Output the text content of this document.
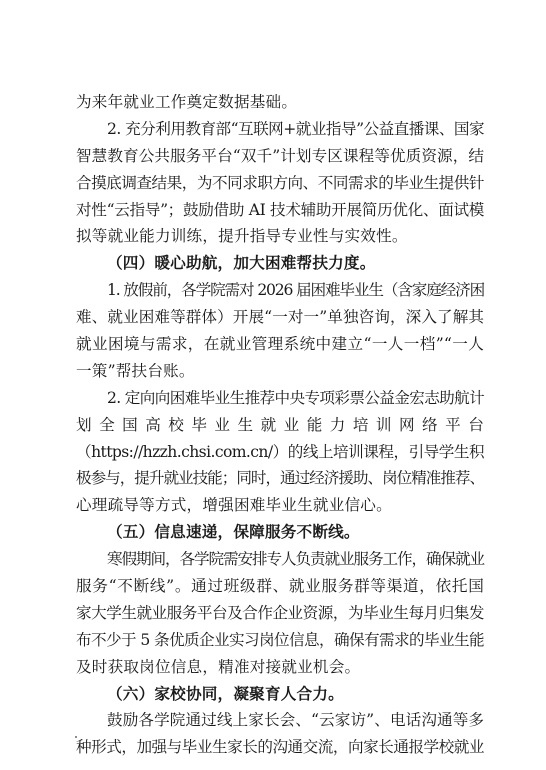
为来年就业工作奠定数据基础。
2. 充分利用教育部“互联网+就业指导”公益直播课、国家
智慧教育公共服务平台“双千”计划专区课程等优质资源，结
合摸底调查结果，为不同求职方向、不同需求的毕业生提供针
对性“云指导”；鼓励借助 AI 技术辅助开展简历优化、面试模
拟等就业能力训练，提升指导专业性与实效性。
（四）暖心助航，加大困难帮扶力度。
1. 放假前，各学院需对 2026 届困难毕业生（含家庭经济困
难、就业困难等群体）开展“一对一”单独咨询，深入了解其
就业困境与需求，在就业管理系统中建立“一人一档”“一人
一策”帮扶台账。
2. 定向向困难毕业生推荐中央专项彩票公益金宏志助航计
划全国高校毕业生就业能力培训网络平台
（https://hzzh.chsi.com.cn/）的线上培训课程，引导学生积
极参与，提升就业技能；同时，通过经济援助、岗位精准推荐、
心理疏导等方式，增强困难毕业生就业信心。
（五）信息速递，保障服务不断线。
寒假期间，各学院需安排专人负责就业服务工作，确保就业
服务“不断线”。通过班级群、就业服务群等渠道，依托国
家大学生就业服务平台及合作企业资源，为毕业生每月归集发
布不少于 5 条优质企业实习岗位信息，确保有需求的毕业生能
及时获取岗位信息，精准对接就业机会。
（六）家校协同，凝聚育人合力。
鼓励各学院通过线上家长会、“云家访”、电话沟通等多
种形式，加强与毕业生家长的沟通交流，向家长通报学校就业
